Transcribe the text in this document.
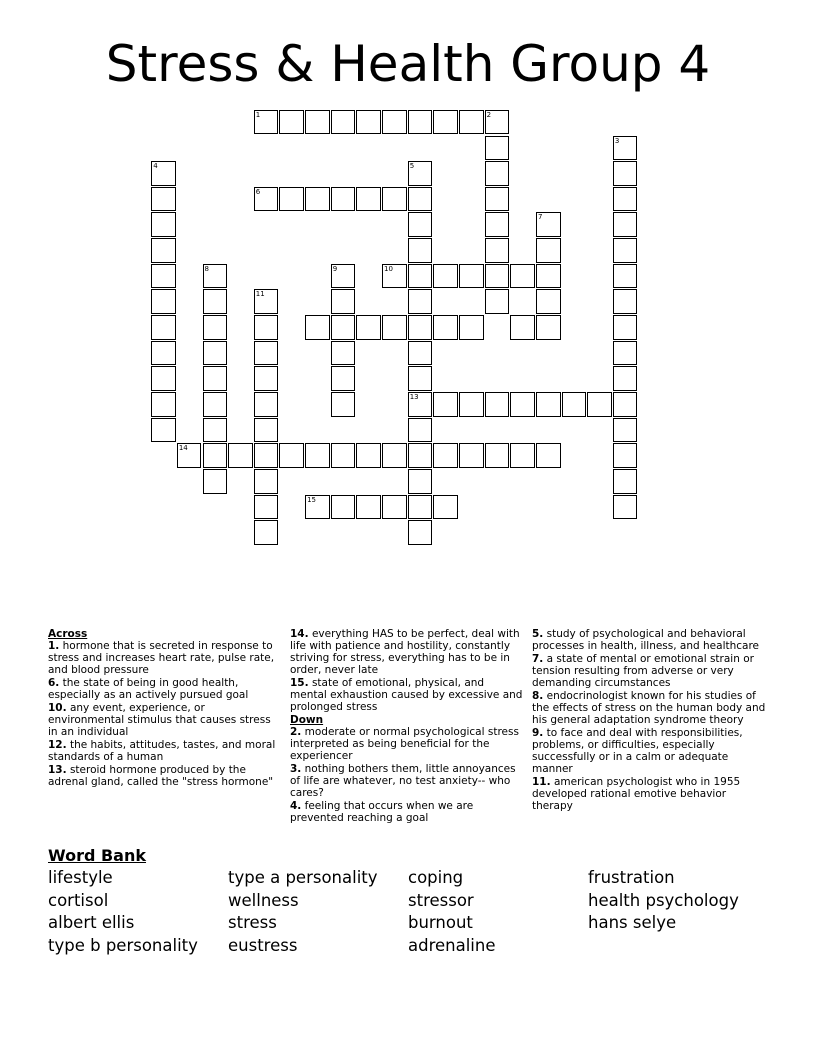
Stress & Health Group 4
1	2
3
4	5
13
6
7
8	9	10
11
14
15
Across
1. hormone that is secreted in response to stress and increases heart rate, pulse rate, and blood pressure
6. the state of being in good health, especially as an actively pursued goal
10. any event, experience, or environmental stimulus that causes stress in an individual
12. the habits, attitudes, tastes, and moral standards of a human
13. steroid hormone produced by the adrenal gland, called the "stress hormone"
14. everything HAS to be perfect, deal with life with patience and hostility, constantly striving for stress, everything has to be in order, never late
15. state of emotional, physical, and mental exhaustion caused by excessive and prolonged stress
Down
2. moderate or normal psychological stress interpreted as being beneficial for the experiencer
3. nothing bothers them, little annoyances of life are whatever, no test anxiety-- who cares?
4. feeling that occurs when we are prevented reaching a goal
5. study of psychological and behavioral processes in health, illness, and healthcare
7. a state of mental or emotional strain or tension resulting from adverse or very demanding circumstances
8. endocrinologist known for his studies of the effects of stress on the human body and his general adaptation syndrome theory
9. to face and deal with responsibilities, problems, or difficulties, especially successfully or in a calm or adequate manner
11. american psychologist who in 1955 developed rational emotive behavior therapy
Word Bank
lifestyle
cortisol
albert ellis
type b personality
type a personality
wellness
stress
eustress
coping
stressor
burnout
adrenaline
frustration
health psychology
hans selye
